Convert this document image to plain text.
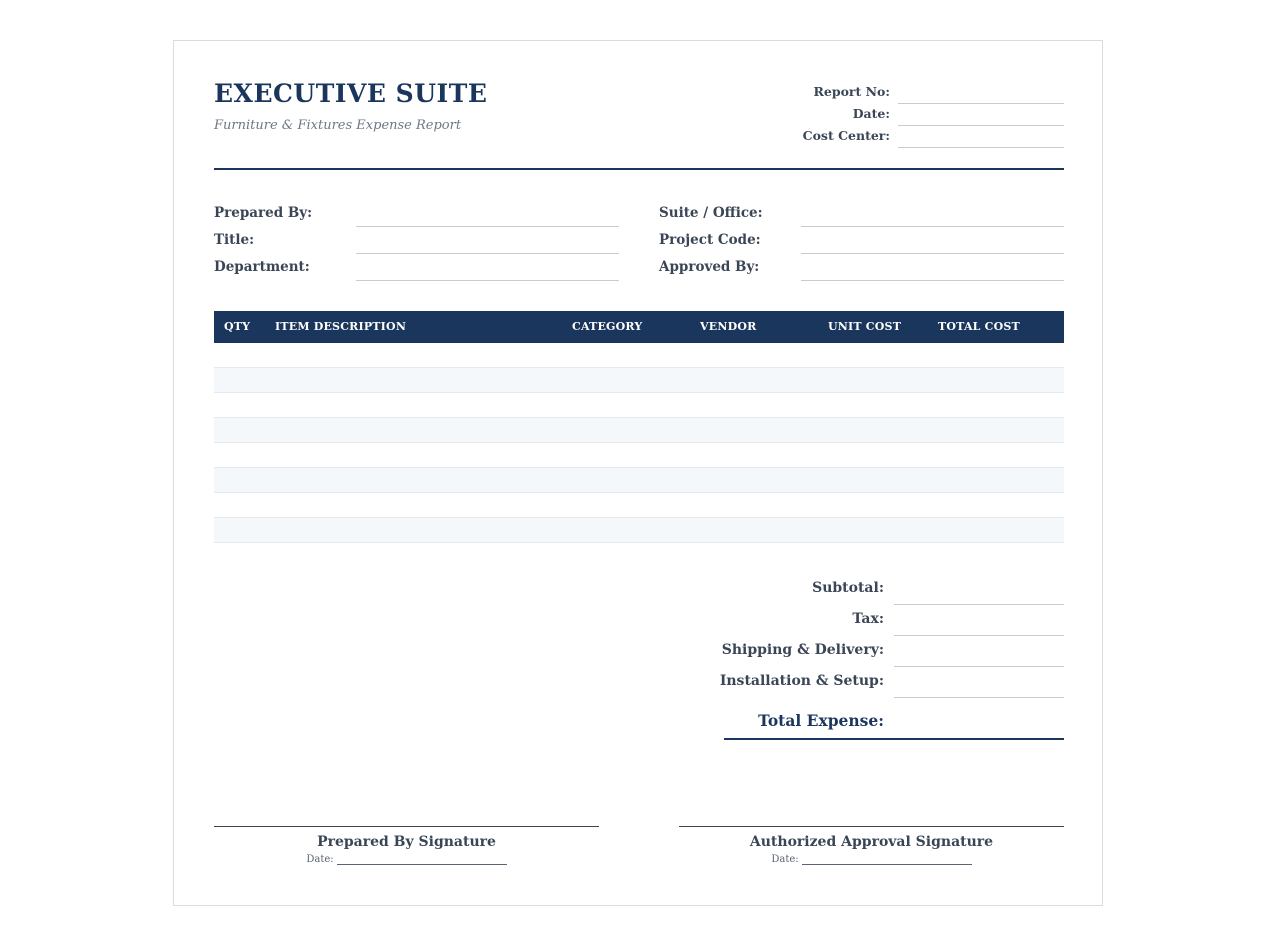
EXECUTIVE SUITE
Furniture & Fixtures Expense Report
Report No:
Date:
Cost Center:
Prepared By:
Title:
Department:
Suite / Office:
Project Code:
Approved By:
QTY ITEM DESCRIPTION	CATEGORY	VENDOR	UNIT COST	TOTAL COST
Subtotal:
Tax:
Shipping & Delivery:
Installation & Setup:
Total Expense:
Prepared By Signature
Date:
Authorized Approval Signature
Date:
